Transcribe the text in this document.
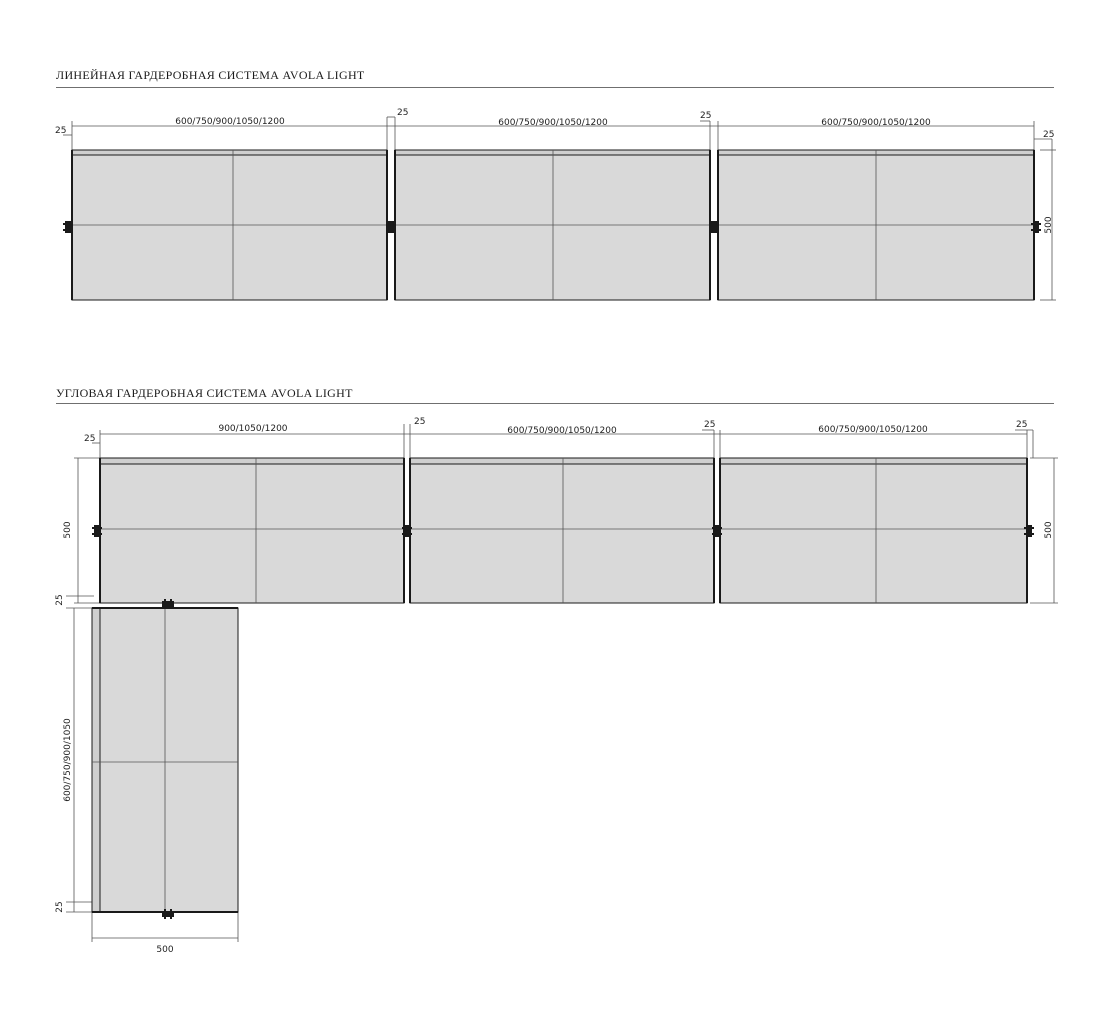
ЛИНЕЙНАЯ ГАРДЕРОБНАЯ СИСТЕМА AVOLA LIGHT
УГЛОВАЯ ГАРДЕРОБНАЯ СИСТЕМА AVOLA LIGHT
600/750/900/1050/1200	600/750/900/1050/1200	600/750/900/1050/1200
25
25	25
25
500
900/1050/1200	600/750/900/1050/1200	600/750/900/1050/1200
25
25	25	25
500	500
25
25
600/750/900/1050
500
